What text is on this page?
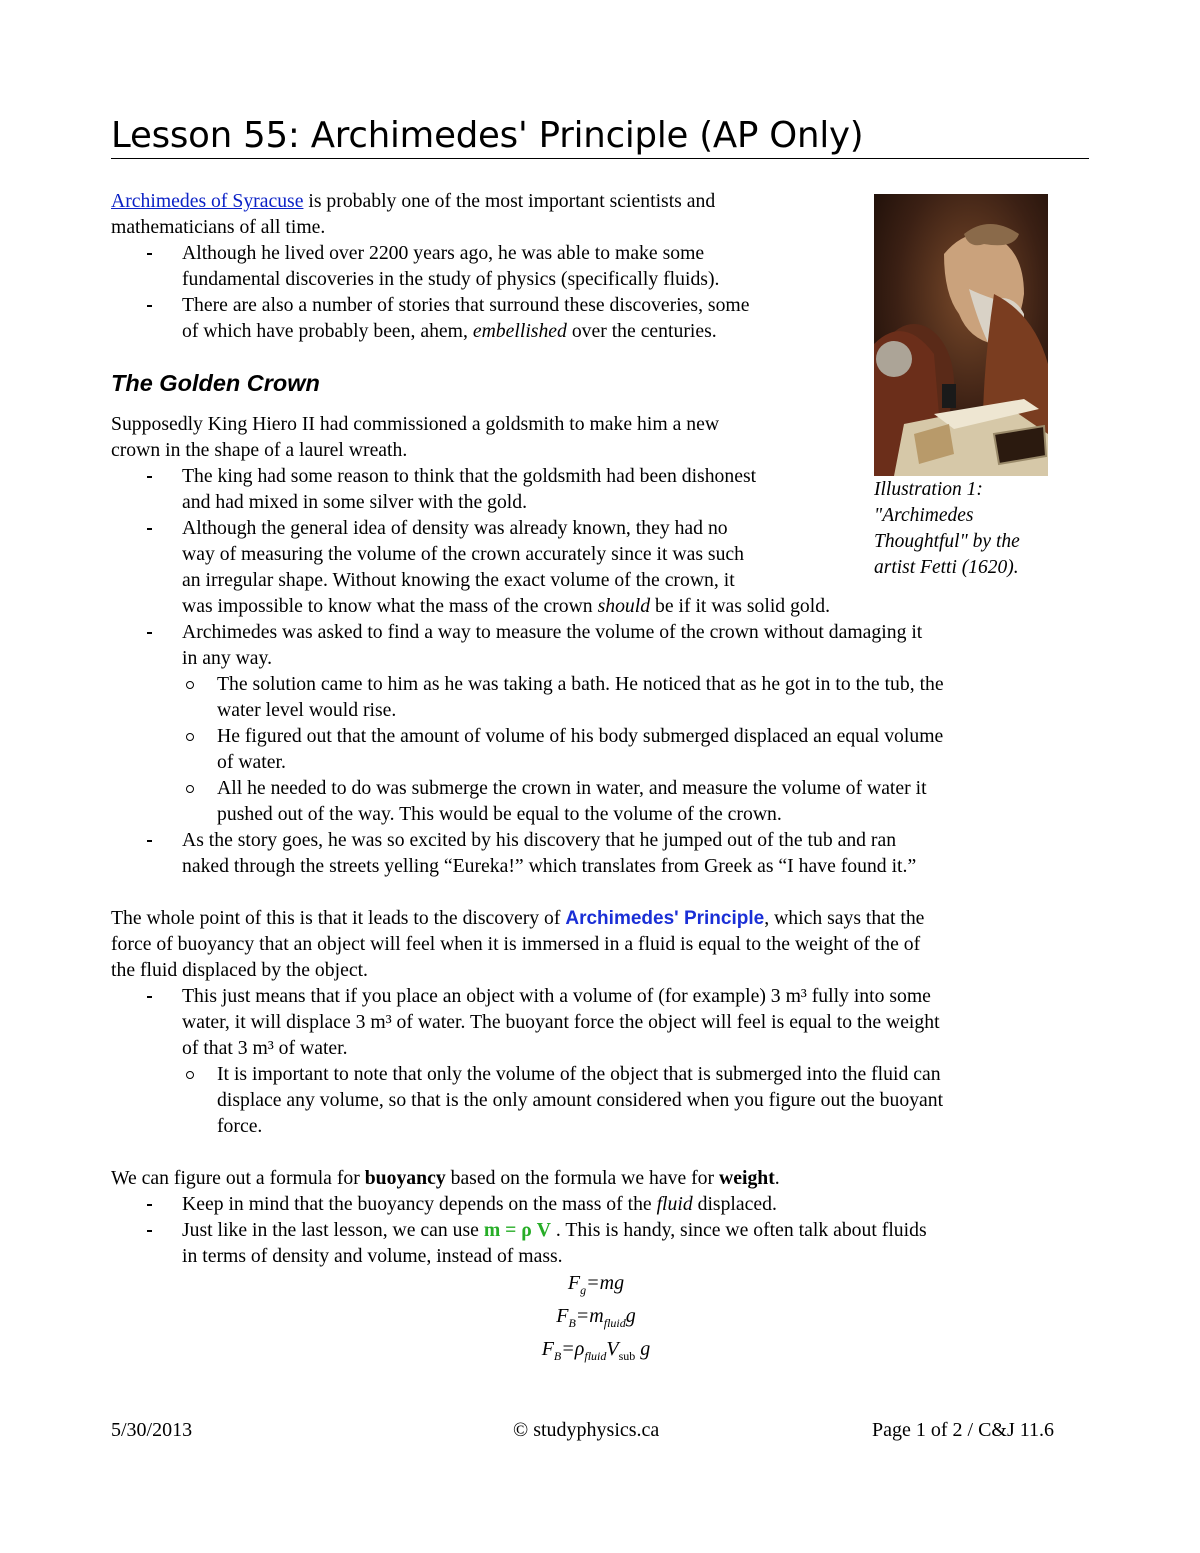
Lesson 55: Archimedes' Principle (AP Only)
Archimedes of Syracuse is probably one of the most important scientists and
mathematicians of all time.
Although he lived over 2200 years ago, he was able to make some
fundamental discoveries in the study of physics (specifically fluids).
There are also a number of stories that surround these discoveries, some
of which have probably been, ahem, embellished over the centuries.
Illustration 1:
"Archimedes
Thoughtful" by the
artist Fetti (1620).
The Golden Crown
Supposedly King Hiero II had commissioned a goldsmith to make him a new
crown in the shape of a laurel wreath.
The king had some reason to think that the goldsmith had been dishonest
and had mixed in some silver with the gold.
Although the general idea of density was already known, they had no
way of measuring the volume of the crown accurately since it was such
an irregular shape. Without knowing the exact volume of the crown, it
was impossible to know what the mass of the crown should be if it was solid gold.
Archimedes was asked to find a way to measure the volume of the crown without damaging it
in any way.
The solution came to him as he was taking a bath. He noticed that as he got in to the tub, the
water level would rise.
He figured out that the amount of volume of his body submerged displaced an equal volume
of water.
All he needed to do was submerge the crown in water, and measure the volume of water it
pushed out of the way. This would be equal to the volume of the crown.
As the story goes, he was so excited by his discovery that he jumped out of the tub and ran
naked through the streets yelling “Eureka!” which translates from Greek as “I have found it.”
The whole point of this is that it leads to the discovery of Archimedes' Principle, which says that the
force of buoyancy that an object will feel when it is immersed in a fluid is equal to the weight of the of
the fluid displaced by the object.
This just means that if you place an object with a volume of (for example) 3 m³ fully into some
water, it will displace 3 m³ of water. The buoyant force the object will feel is equal to the weight
of that 3 m³ of water.
It is important to note that only the volume of the object that is submerged into the fluid can
displace any volume, so that is the only amount considered when you figure out the buoyant
force.
We can figure out a formula for buoyancy based on the formula we have for weight.
Keep in mind that the buoyancy depends on the mass of the fluid displaced.
Just like in the last lesson, we can use m = ρ V . This is handy, since we often talk about fluids
in terms of density and volume, instead of mass.
$F_g=mg$
$F_B=m_{fluid}g$
$F_B=\rho_{fluid}V_{sub}$ g
5/30/2013	© studyphysics.ca	Page 1 of 2 / C&J 11.6
